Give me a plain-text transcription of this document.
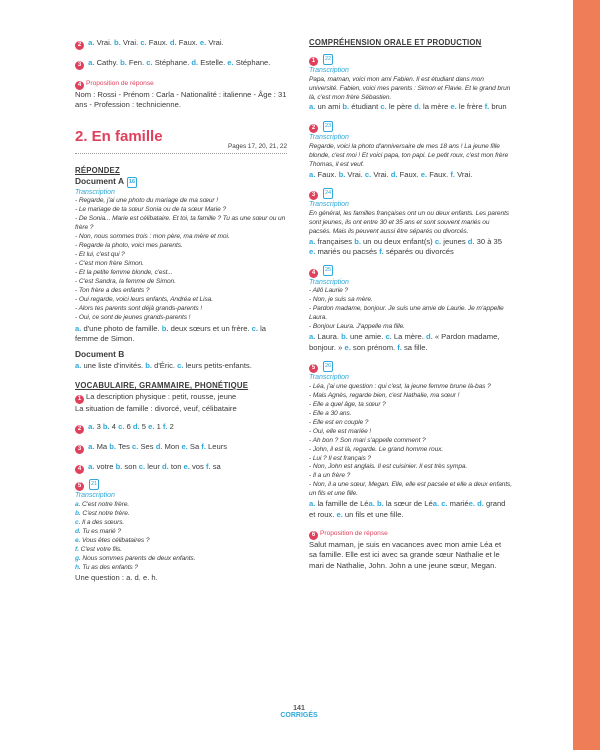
2 a. Vrai. b. Vrai. c. Faux. d. Faux. e. Vrai.

3 a. Cathy. b. Fen. c. Stéphane. d. Estelle. e. Stéphane.

4 Proposition de réponse

Nom : Rossi - Prénom : Carla - Nationalité : italienne - Âge : 31 ans - Profession : technicienne.

2. En famille
Pages 17, 20, 21, 22
RÉPONDEZ
Document A 16
Transcription
- Regarde, j'ai une photo du mariage de ma sœur !
- Le mariage de ta sœur Sonia ou de ta sœur Marie ?
- De Sonia... Marie est célibataire. Et toi, ta famille ? Tu as une sœur ou un frère ?
- Non, nous sommes trois : mon père, ma mère et moi.
- Regarde la photo, voici mes parents.
- Et lui, c'est qui ?
- C'est mon frère Simon.
- Et la petite femme blonde, c'est...
- C'est Sandra, la femme de Simon.
- Ton frère a des enfants ?
- Oui regarde, voici leurs enfants, Andréa et Lisa.
- Alors tes parents sont déjà grands-parents !
- Oui, ce sont de jeunes grands-parents !

a. d'une photo de famille. b. deux sœurs et un frère. c. la femme de Simon.

Document B

a. une liste d'invités. b. d'Éric. c. leurs petits-enfants.

VOCABULAIRE, GRAMMAIRE, PHONÉTIQUE

1 La description physique : petit, rousse, jeune

La situation de famille : divorcé, veuf, célibataire

2 a. 3 b. 4 c. 6 d. 5 e. 1 f. 2

3 a. Ma b. Tes c. Ses d. Mon e. Sa f. Leurs

4 a. votre b. son c. leur d. ton e. vos f. sa

5 21

Transcription
a. C'est notre frère.
b. C'est notre frère.
c. Il a des sœurs.
d. Tu es marié ?
e. Vous êtes célibataires ?
f. C'est votre fils.
g. Nous sommes parents de deux enfants.
h. Tu as des enfants ?

Une question : a. d. e. h.

COMPRÉHENSION ORALE ET PRODUCTION
1 22
Transcription
Papa, maman, voici mon ami Fabien. Il est étudiant dans mon
université. Fabien, voici mes parents : Simon et Flavie. Et le grand brun
là, c'est mon frère Sébastien.
a. un ami b. étudiant c. le père d. la mère e. le frère f. brun
2 23
Transcription
Regarde, voici la photo d'anniversaire de mes 18 ans ! La jeune fille
blonde, c'est moi ! Et voici papa, ton papi. Le petit roux, c'est mon frère
Thomas, il est veuf.
a. Faux. b. Vrai. c. Vrai. d. Faux. e. Faux. f. Vrai.
3 24
Transcription
En général, les familles françaises ont un ou deux enfants. Les parents
sont jeunes, ils ont entre 30 et 35 ans et sont souvent mariés ou
pacsés. Mais ils peuvent aussi être séparés ou divorcés.
a. françaises b. un ou deux enfant(s) c. jeunes d. 30 à 35
e. mariés ou pacsés f. séparés ou divorcés
4 25
Transcription
- Allô Laurie ?
- Non, je suis sa mère.
- Pardon madame, bonjour. Je suis une amie de Laurie. Je m'appelle
Laura.
- Bonjour Laura. J'appelle ma fille.
a. Laura. b. une amie. c. La mère. d. « Pardon madame,
bonjour. » e. son prénom. f. sa fille.
5 26
Transcription
- Léa, j'ai une question : qui c'est, la jeune femme brune là-bas ?
- Mais Agnès, regarde bien, c'est Nathalie, ma sœur !
- Elle a quel âge, ta sœur ?
- Elle a 30 ans.
- Elle est en couple ?
- Oui, elle est mariée !
- Ah bon ? Son mari s'appelle comment ?
- John, il est là, regarde. Le grand homme roux.
- Lui ? Il est français ?
- Non, John est anglais. Il est cuisinier. Il est très sympa.
- Il a un frère ?
- Non, il a une sœur, Megan. Elle, elle est pacsée et elle a deux enfants,
un fils et une fille.
a. la famille de Léa. b. la sœur de Léa. c. mariée. d. grand
et roux. e. un fils et une fille.
6 Proposition de réponse
Salut maman, je suis en vacances avec mon amie Léa et
sa famille. Elle est ici avec sa grande sœur Nathalie et le
mari de Nathalie, John. John a une jeune sœur, Megan.
141
CORRIGÉS
